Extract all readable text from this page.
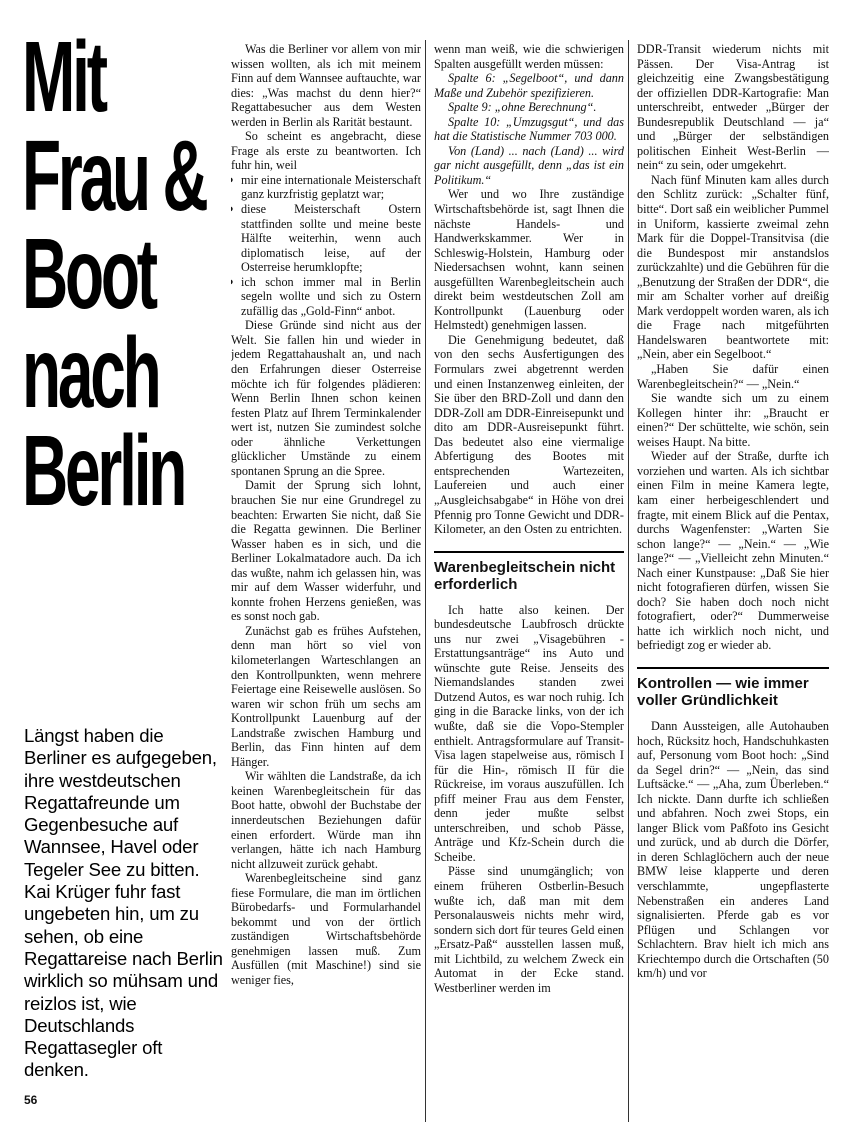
Mit
Frau &
Boot
nach
Berlin
Längst haben die Berliner es aufgegeben, ihre westdeutschen Regattafreunde um Gegenbesuche auf Wannsee, Havel oder Tegeler See zu bitten. Kai Krüger fuhr fast ungebeten hin, um zu sehen, ob eine Regattareise nach Berlin wirklich so mühsam und reizlos ist, wie Deutschlands Regattasegler oft denken.
56

Was die Berliner vor allem von mir wissen wollten, als ich mit meinem Finn auf dem Wannsee auftauchte, war dies: „Was machst du denn hier?“ Regattabesucher aus dem Westen werden in Berlin als Rarität bestaunt.

So scheint es angebracht, diese Frage als erste zu beantworten. Ich fuhr hin, weil

● mir eine internationale Meisterschaft ganz kurzfristig geplatzt war;
● diese Meisterschaft Ostern stattfinden sollte und meine beste Hälfte weiterhin, wenn auch diplomatisch leise, auf der Osterreise herumklopfte;
● ich schon immer mal in Berlin segeln wollte und sich zu Ostern zufällig das „Gold-Finn“ anbot.

Diese Gründe sind nicht aus der Welt. Sie fallen hin und wieder in jedem Regattahaushalt an, und nach den Erfahrungen dieser Osterreise möchte ich für folgendes plädieren: Wenn Berlin Ihnen schon keinen festen Platz auf Ihrem Terminkalender wert ist, nutzen Sie zumindest solche oder ähnliche Verkettungen glücklicher Umstände zu einem spontanen Sprung an die Spree.

Damit der Sprung sich lohnt, brauchen Sie nur eine Grundregel zu beachten: Erwarten Sie nicht, daß Sie die Regatta gewinnen. Die Berliner Wasser haben es in sich, und die Berliner Lokalmatadore auch. Da ich das wußte, nahm ich gelassen hin, was mir auf dem Wasser widerfuhr, und konnte frohen Herzens genießen, was es sonst noch gab.

Zunächst gab es frühes Aufstehen, denn man hört so viel von kilometerlangen Warteschlangen an den Kontrollpunkten, wenn mehrere Feiertage eine Reisewelle auslösen. So waren wir schon früh um sechs am Kontrollpunkt Lauenburg auf der Landstraße zwischen Hamburg und Berlin, das Finn hinten auf dem Hänger.

Wir wählten die Landstraße, da ich keinen Warenbegleitschein für das Boot hatte, obwohl der Buchstabe der innerdeutschen Beziehungen dafür einen erfordert. Würde man ihn verlangen, hätte ich nach Hamburg nicht allzuweit zurück gehabt.

Warenbegleitscheine sind ganz fiese Formulare, die man im örtlichen Bürobedarfs- und Formularhandel bekommt und von der örtlich zuständigen Wirtschaftsbehörde genehmigen lassen muß. Zum Ausfüllen (mit Maschine!) sind sie weniger fies,

wenn man weiß, wie die schwierigen Spalten ausgefüllt werden müssen:

Spalte 6: „Segelboot“, und dann Maße und Zubehör spezifizieren.

Spalte 9: „ohne Berechnung“.

Spalte 10: „Umzugsgut“, und das hat die Statistische Nummer 703 000.

Von (Land) ... nach (Land) ... wird gar nicht ausgefüllt, denn „das ist ein Politikum.“

Wer und wo Ihre zuständige Wirtschaftsbehörde ist, sagt Ihnen die nächste Handels- und Handwerkskammer. Wer in Schleswig-Holstein, Hamburg oder Niedersachsen wohnt, kann seinen ausgefüllten Warenbegleitschein auch direkt beim westdeutschen Zoll am Kontrollpunkt (Lauenburg oder Helmstedt) genehmigen lassen.

Die Genehmigung bedeutet, daß von den sechs Ausfertigungen des Formulars zwei abgetrennt werden und einen Instanzenweg einleiten, der Sie über den BRD-Zoll und dann den DDR-Zoll am DDR-Einreisepunkt und dito am DDR-Ausreisepunkt führt. Das bedeutet also eine viermalige Abfertigung des Bootes mit entsprechenden Wartezeiten, Laufereien und auch einer „Ausgleichsabgabe“ in Höhe von drei Pfennig pro Tonne Gewicht und DDR-Kilometer, an den Osten zu entrichten.

Warenbegleitschein nicht erforderlich

Ich hatte also keinen. Der bundesdeutsche Laubfrosch drückte uns nur zwei „Visagebühren - Erstattungsanträge“ ins Auto und wünschte gute Reise. Jenseits des Niemandslandes standen zwei Dutzend Autos, es war noch ruhig. Ich ging in die Baracke links, von der ich wußte, daß sie die Vopo-Stempler enthielt. Antragsformulare auf Transit-Visa lagen stapelweise aus, römisch I für die Hin-, römisch II für die Rückreise, im voraus auszufüllen. Ich pfiff meiner Frau aus dem Fenster, denn jeder mußte selbst unterschreiben, und schob Pässe, Anträge und Kfz-Schein durch die Scheibe.

Pässe sind unumgänglich; von einem früheren Ostberlin-Besuch wußte ich, daß man mit dem Personalausweis nichts mehr wird, sondern sich dort für teures Geld einen „Ersatz-Paß“ ausstellen lassen muß, mit Lichtbild, zu welchem Zweck ein Automat in der Ecke stand. Westberliner werden im

DDR-Transit wiederum nichts mit Pässen. Der Visa-Antrag ist gleichzeitig eine Zwangsbestätigung der offiziellen DDR-Kartografie: Man unterschreibt, entweder „Bürger der Bundesrepublik Deutschland — ja“ und „Bürger der selbständigen politischen Einheit West-Berlin — nein“ zu sein, oder umgekehrt.

Nach fünf Minuten kam alles durch den Schlitz zurück: „Schalter fünf, bitte“. Dort saß ein weiblicher Pummel in Uniform, kassierte zweimal zehn Mark für die Doppel-Transitvisa (die die Bundespost mir anstandslos zurückzahlte) und die Gebühren für die „Benutzung der Straßen der DDR“, die mir am Schalter vorher auf dreißig Mark verdoppelt worden waren, als ich die Frage nach mitgeführten Handelswaren beantwortete mit: „Nein, aber ein Segelboot.“

„Haben Sie dafür einen Warenbegleitschein?“ — „Nein.“

Sie wandte sich um zu einem Kollegen hinter ihr: „Braucht er einen?“ Der schüttelte, wie schön, sein weises Haupt. Na bitte.

Wieder auf der Straße, durfte ich vorziehen und warten. Als ich sichtbar einen Film in meine Kamera legte, kam einer herbeigeschlendert und fragte, mit einem Blick auf die Pentax, durchs Wagenfenster: „Warten Sie schon lange?“ — „Nein.“ — „Wie lange?“ — „Vielleicht zehn Minuten.“ Nach einer Kunstpause: „Daß Sie hier nicht fotografieren dürfen, wissen Sie doch? Sie haben doch noch nicht fotografiert, oder?“ Dummerweise hatte ich wirklich noch nicht, und befriedigt zog er wieder ab.

Kontrollen — wie immer voller Gründlichkeit

Dann Aussteigen, alle Autohauben hoch, Rücksitz hoch, Handschuhkasten auf, Personung vom Boot hoch: „Sind da Segel drin?“ — „Nein, das sind Luftsäcke.“ — „Aha, zum Überleben.“ Ich nickte. Dann durfte ich schließen und abfahren. Noch zwei Stops, ein langer Blick vom Paßfoto ins Gesicht und zurück, und ab durch die Dörfer, in deren Schlaglöchern auch der neue BMW leise klapperte und deren verschlammte, ungepflasterte Nebenstraßen ein anderes Land signalisierten. Pferde gab es vor Pflügen und Schlangen vor Schlachtern. Brav hielt ich mich ans Kriechtempo durch die Ortschaften (50 km/h) und vor
